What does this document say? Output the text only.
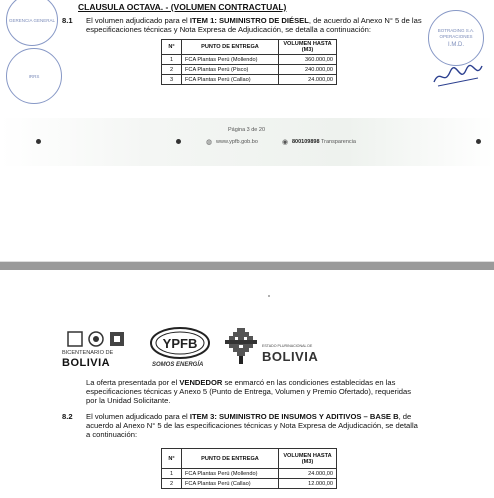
GERENCIA GENERAL
IRRS
CLAUSULA OCTAVA. - (VOLUMEN CONTRACTUAL)
8.1 El volumen adjudicado para el ITEM 1: SUMINISTRO DE DIÉSEL, de acuerdo al Anexo N° 5 de las especificaciones técnicas y Nota Expresa de Adjudicación, se detalla a continuación:
N°	PUNTO DE ENTREGA	VOLUMEN HASTA (M3)
1	FCA Plantas Perú (Mollendo)	360.000,00
2	FCA Plantas Perú (Pisco)	240.000,00
3	FCA Plantas Perú (Callao)	24.000,00
BOTRADING S.A. OPERACIONES
I.M.D.
Página 3 de 20
◍ www.ypfb.gob.bo	◉ 800109898 Transparencia
BICENTENARIO DE
BOLIVIA
YPFB
SOMOS ENERGÍA
ESTADO PLURINACIONAL DE
BOLIVIA
La oferta presentada por el VENDEDOR se enmarcó en las condiciones establecidas en las especificaciones técnicas y Anexo 5 (Punto de Entrega, Volumen y Premio Ofertado), requeridas por la Unidad Solicitante.
8.2 El volumen adjudicado para el ITEM 3: SUMINISTRO DE INSUMOS Y ADITIVOS – BASE B, de acuerdo al Anexo N° 5 de las especificaciones técnicas y Nota Expresa de Adjudicación, se detalla a continuación:
N°	PUNTO DE ENTREGA	VOLUMEN HASTA (M3)
1	FCA Plantas Perú (Mollendo)	24.000,00
2	FCA Plantas Perú (Callao)	12.000,00
